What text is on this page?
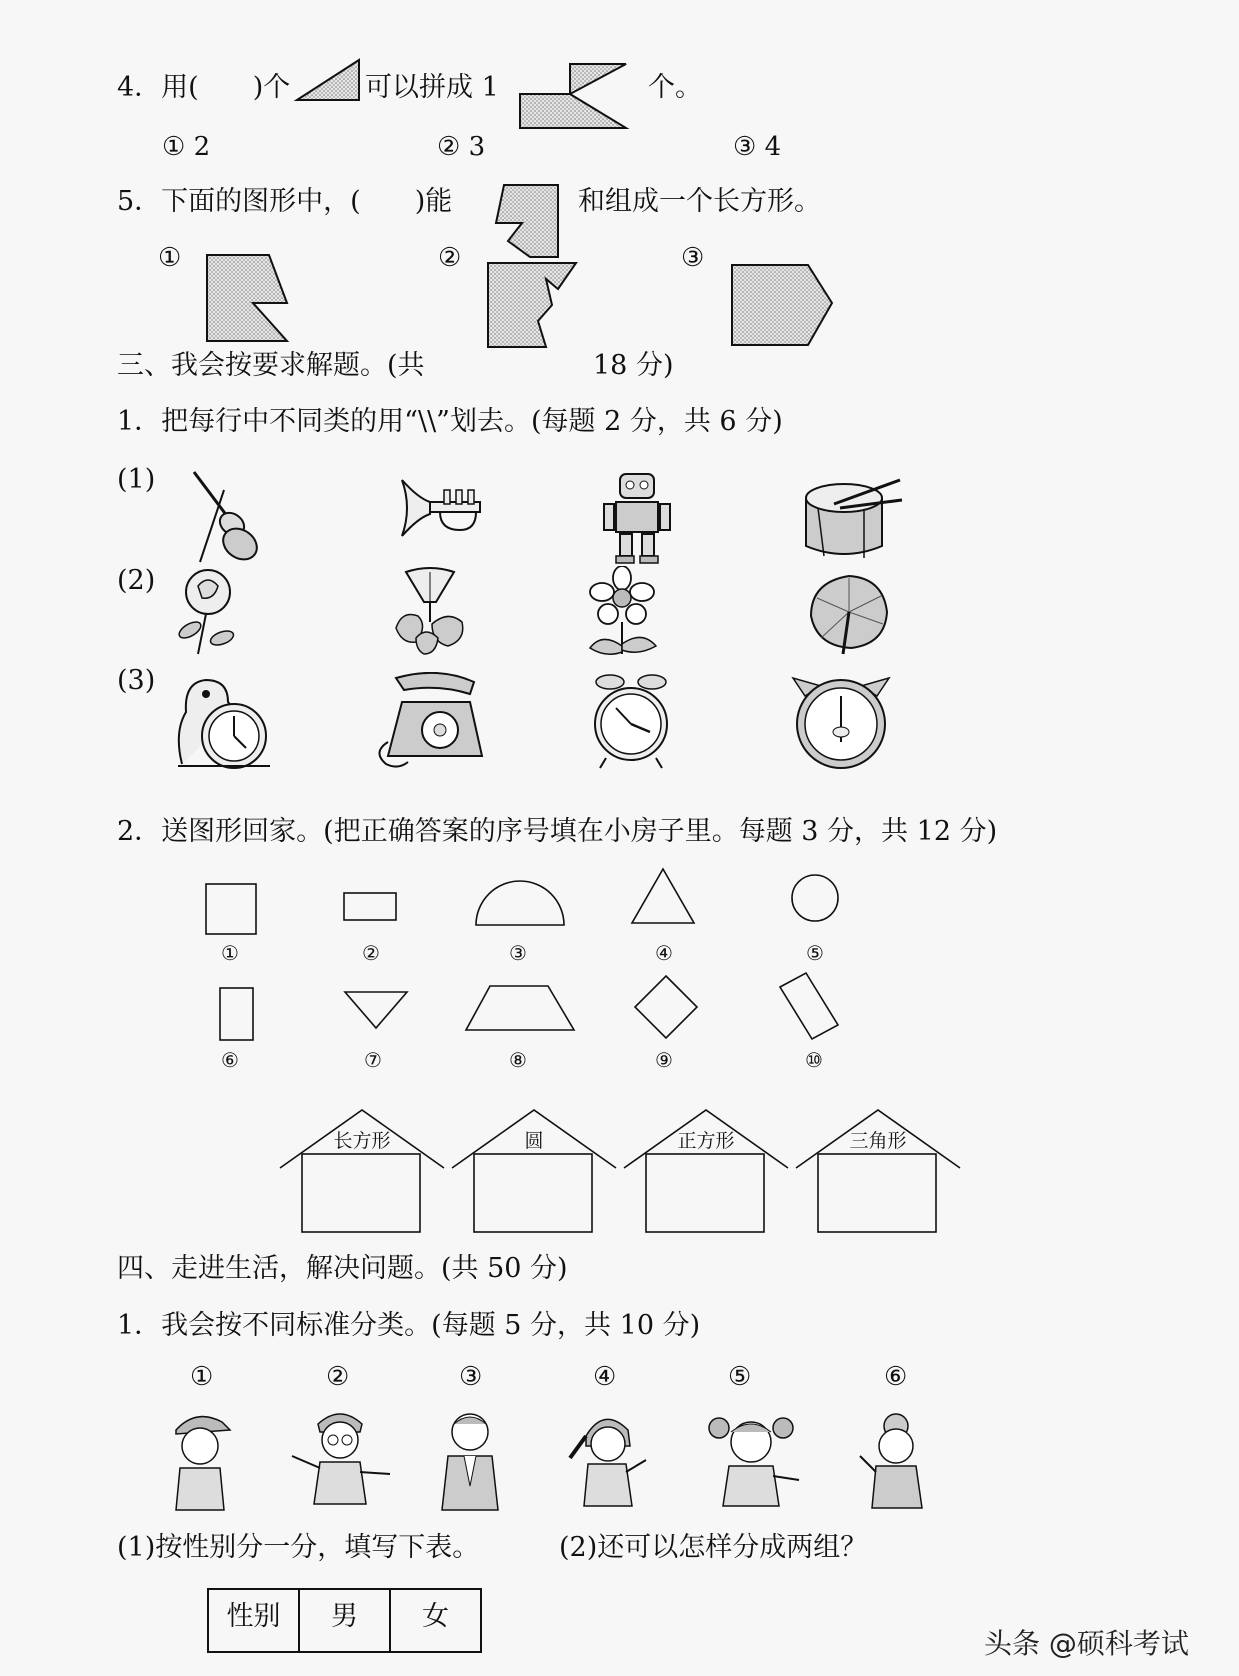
4．用(　　)个	可以拼成 1	个。
① 2	② 3	③ 4
5．下面的图形中，(　　)能	和组成一个长方形。
①	②	③
三、我会按要求解题。(共	18 分)
1．把每行中不同类的用“\\”划去。(每题 2 分，共 6 分)
(1)
(2)
(3)
2．送图形回家。(把正确答案的序号填在小房子里。每题 3 分，共 12 分)
①	②	③	④	⑤
⑥	⑦	⑧	⑨	⑩
长方形	圆	正方形	三角形
四、走进生活，解决问题。(共 50 分)
1．我会按不同标准分类。(每题 5 分，共 10 分)
①	②	③	④	⑤	⑥
(1)按性别分一分，填写下表。	(2)还可以怎样分成两组？
性别	男	女
头条 @硕科考试
